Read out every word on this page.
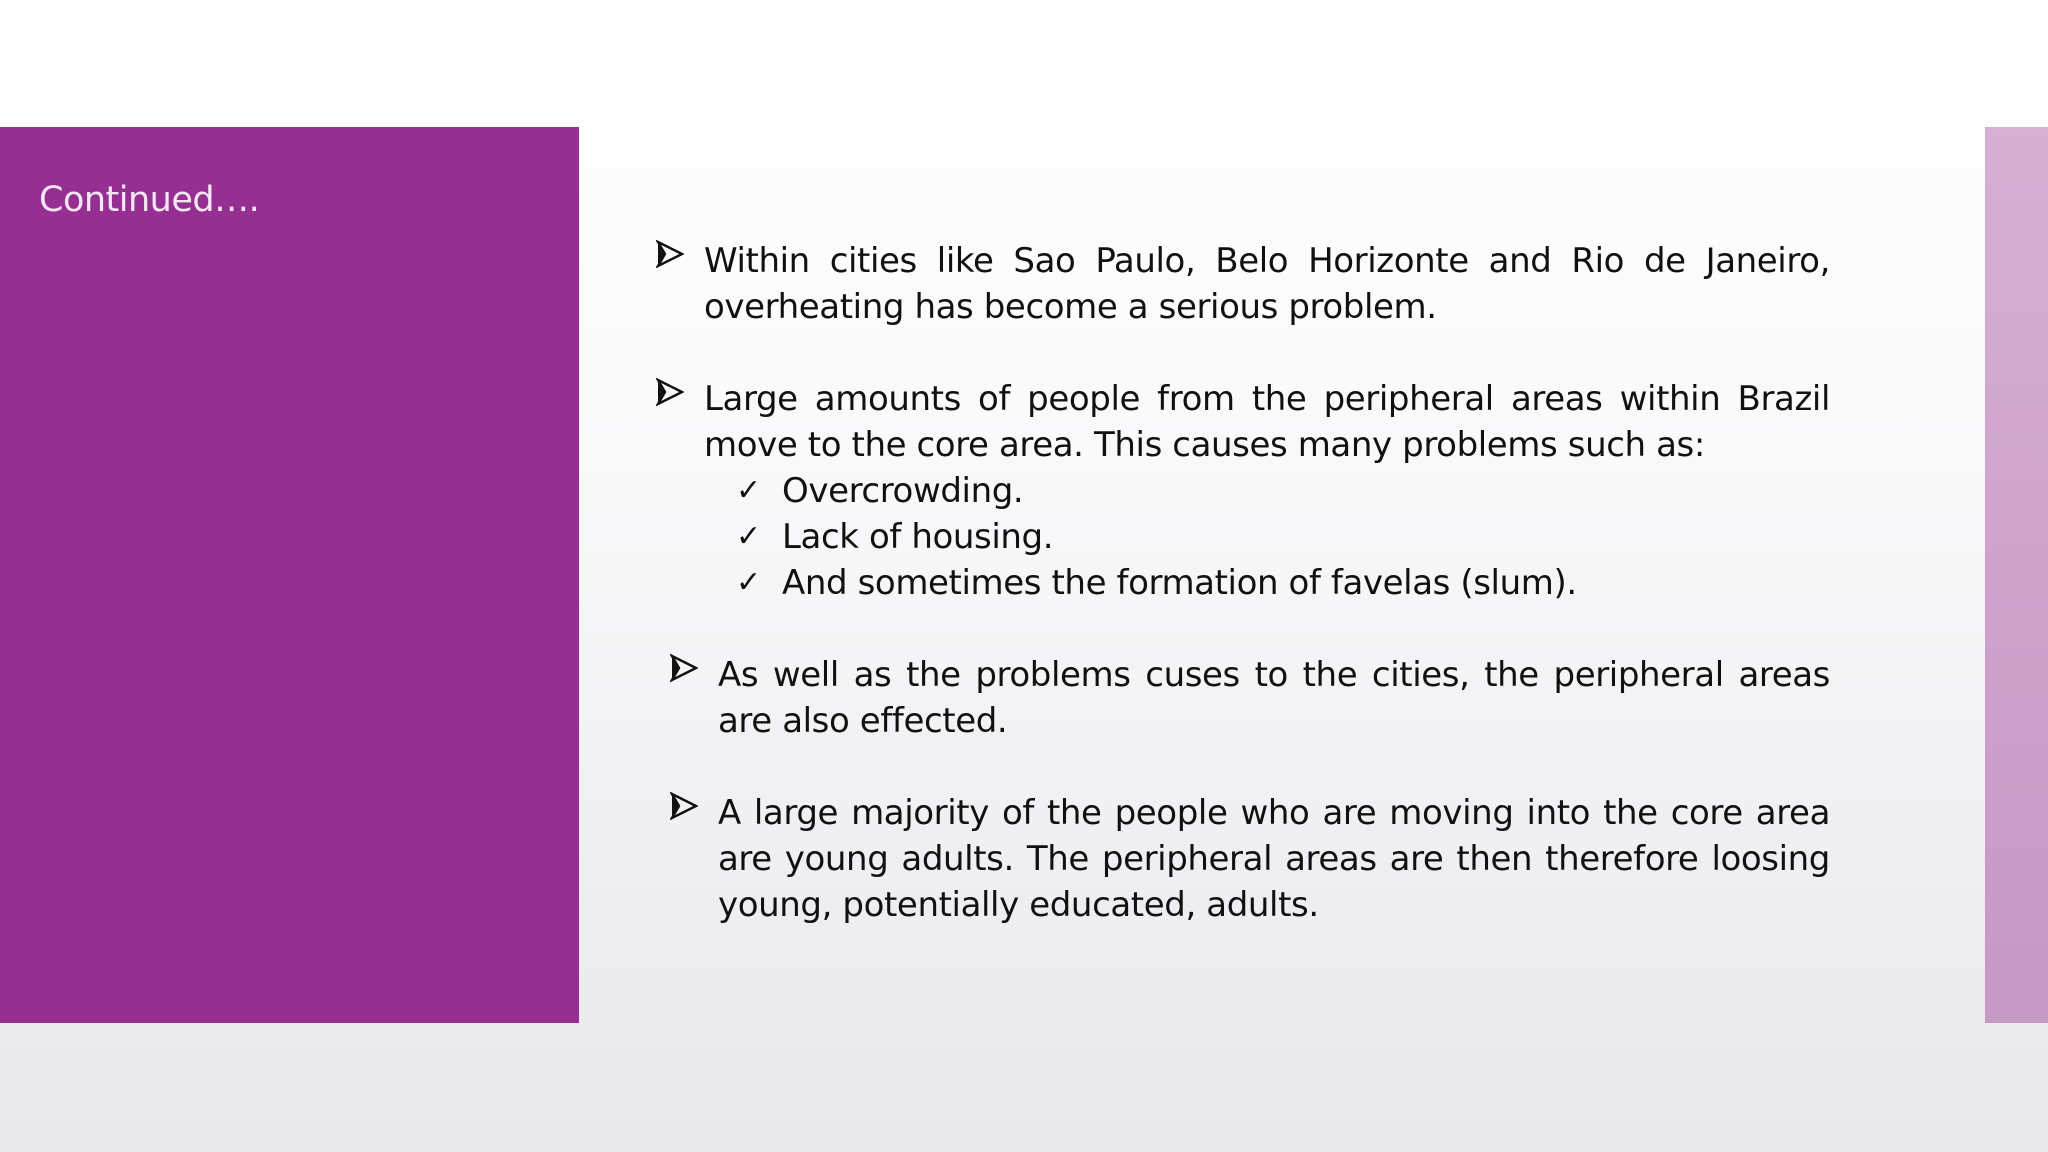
Continued….
Within cities like Sao Paulo, Belo Horizonte and Rio de Janeiro, overheating has become a serious problem.
Large amounts of people from the peripheral areas within Brazil move to the core area. This causes many problems such as:
✓ Overcrowding.
✓ Lack of housing.
✓ And sometimes the formation of favelas (slum).
As well as the problems cuses to the cities, the peripheral areas are also effected.
A large majority of the people who are moving into the core area are young adults. The peripheral areas are then therefore loosing young, potentially educated, adults.
